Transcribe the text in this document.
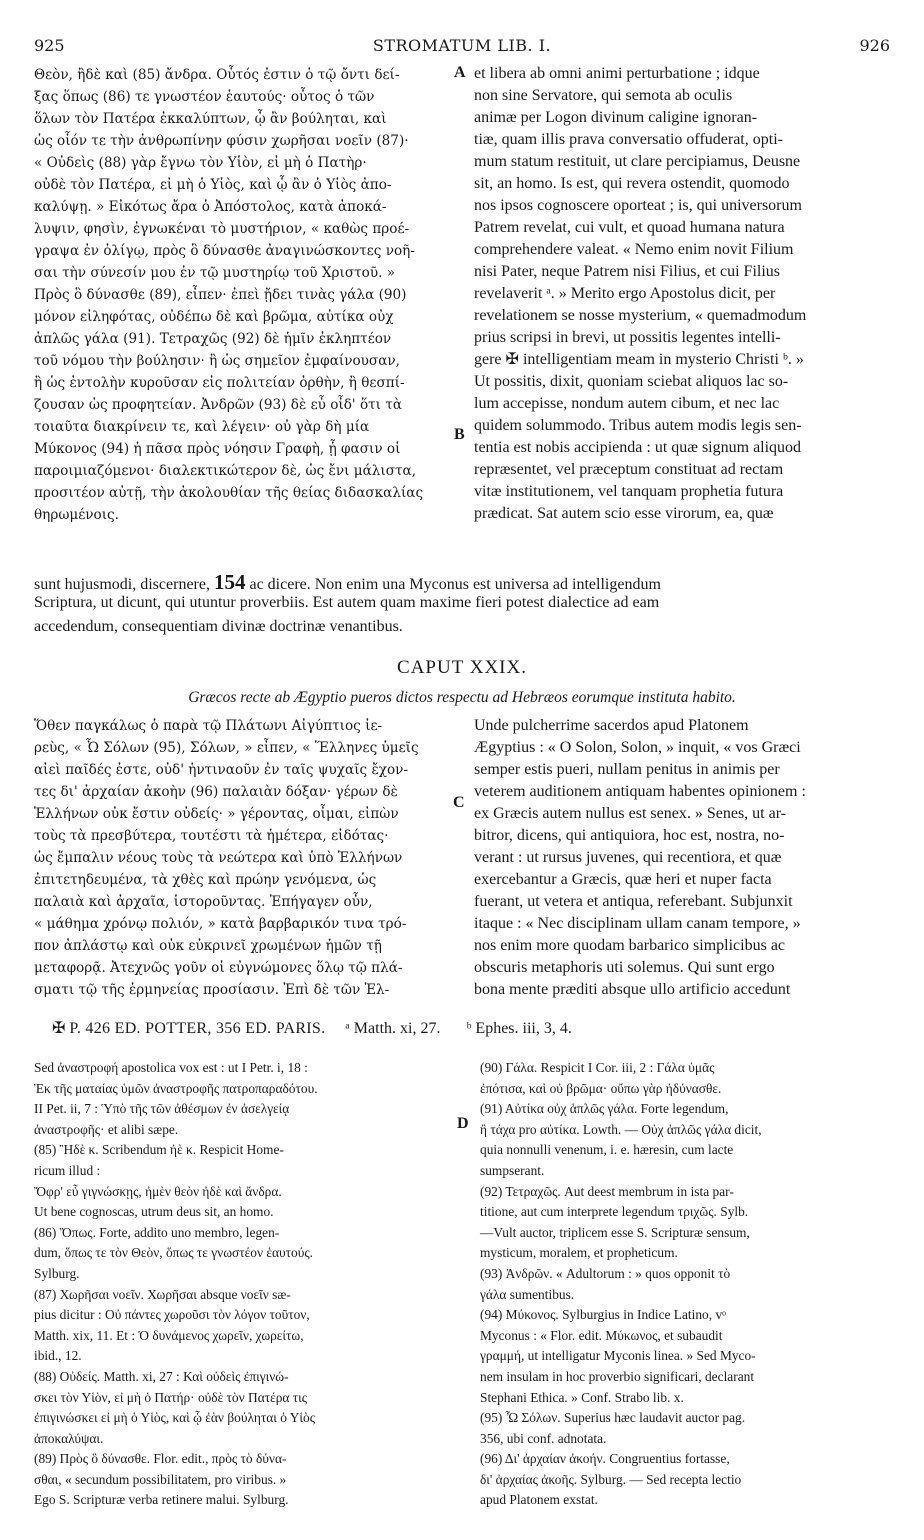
925	STROMATUM LIB. I.	926
Θεὸν, ἢδὲ καὶ (85) ἄνδρα. Οὗτός ἐστιν ὁ τῷ ὄντι δεί-
ξας ὅπως (86) τε γνωστέον ἑαυτούς· οὗτος ὁ τῶν
ὅλων τὸν Πατέρα ἐκκαλύπτων, ᾧ ἂν βούληται, καὶ
ὡς οἷόν τε τὴν ἀνθρωπίνην φύσιν χωρῆσαι νοεῖν (87)·
« Οὐδεὶς (88) γὰρ ἔγνω τὸν Υἱὸν, εἰ μὴ ὁ Πατὴρ·
οὐδὲ τὸν Πατέρα, εἰ μὴ ὁ Υἱὸς, καὶ ᾧ ἂν ὁ Υἱὸς ἀπο-
καλύψῃ. » Εἰκότως ἄρα ὁ Ἀπόστολος, κατὰ ἀποκά-
λυψιν, φησὶν, ἐγνωκέναι τὸ μυστήριον, « καθὼς προέ-
γραψα ἐν ὀλίγῳ, πρὸς ὃ δύνασθε ἀναγινώσκοντες νοῆ-
σαι τὴν σύνεσίν μου ἐν τῷ μυστηρίῳ τοῦ Χριστοῦ. »
Πρὸς ὃ δύνασθε (89), εἶπεν· ἐπεὶ ᾔδει τινὰς γάλα (90)
μόνον εἰληφότας, οὐδέπω δὲ καὶ βρῶμα, αὐτίκα οὐχ
ἁπλῶς γάλα (91). Τετραχῶς (92) δὲ ἡμῖν ἐκληπτέον
τοῦ νόμου τὴν βούλησιν· ἢ ὡς σημεῖον ἐμφαίνουσαν,
ἢ ὡς ἐντολὴν κυροῦσαν εἰς πολιτείαν ὀρθὴν, ἢ θεσπί-
ζουσαν ὡς προφητείαν. Ἀνδρῶν (93) δὲ εὖ οἶδ' ὅτι τὰ
τοιαῦτα διακρίνειν τε, καὶ λέγειν· οὐ γὰρ δὴ μία
Μύκονος (94) ἡ πᾶσα πρὸς νόησιν Γραφὴ, ᾗ φασιν οἱ
παροιμιαζόμενοι· διαλεκτικώτερον δὲ, ὡς ἔνι μάλιστα,
προσιτέον αὐτῇ, τὴν ἀκολουθίαν τῆς θείας διδασκαλίας
θηρωμένοις.
et libera ab omni animi perturbatione ; idque
non sine Servatore, qui semota ab oculis
animæ per Logon divinum caligine ignoran-
tiæ, quam illis prava conversatio offuderat, opti-
mum statum restituit, ut clare percipiamus, Deusne
sit, an homo. Is est, qui revera ostendit, quomodo
nos ipsos cognoscere oporteat ; is, qui universorum
Patrem revelat, cui vult, et quoad humana natura
comprehendere valeat. « Nemo enim novit Filium
nisi Pater, neque Patrem nisi Filius, et cui Filius
revelaverit ᵃ. » Merito ergo Apostolus dicit, per
revelationem se nosse mysterium, « quemadmodum
prius scripsi in brevi, ut possitis legentes intelli-
gere ✠ intelligentiam meam in mysterio Christi ᵇ. »
Ut possitis, dixit, quoniam sciebat aliquos lac so-
lum accepisse, nondum autem cibum, et nec lac
quidem solummodo. Tribus autem modis legis sen-
tentia est nobis accipienda : ut quæ signum aliquod
repræsentet, vel præceptum constituat ad rectam
vitæ institutionem, vel tanquam prophetia futura
prædicat. Sat autem scio esse virorum, ea, quæ
A
B
C
D
sunt hujusmodi, discernere, 154 ac dicere. Non enim una Myconus est universa ad intelligendum
Scriptura, ut dicunt, qui utuntur proverbiis. Est autem quam maxime fieri potest dialectice ad eam
accedendum, consequentiam divinæ doctrinæ venantibus.
CAPUT XXIX.
Græcos recte ab Ægyptio pueros dictos respectu ad Hebræos eorumque instituta habito.
Ὅθεν παγκάλως ὁ παρὰ τῷ Πλάτωνι Αἰγύπτιος ἱε-
ρεὺς, « Ὦ Σόλων (95), Σόλων, » εἶπεν, « Ἕλληνες ὑμεῖς
αἰεὶ παῖδές ἐστε, οὐδ' ἡντιναοῦν ἐν ταῖς ψυχαῖς ἔχον-
τες δι' ἀρχαίαν ἀκοὴν (96) παλαιὰν δόξαν· γέρων δὲ
Ἑλλήνων οὐκ ἔστιν οὐδείς· » γέροντας, οἶμαι, εἰπὼν
τοὺς τὰ πρεσβύτερα, τουτέστι τὰ ἡμέτερα, εἰδότας·
ὡς ἔμπαλιν νέους τοὺς τὰ νεώτερα καὶ ὑπὸ Ἑλλήνων
ἐπιτετηδευμένα, τὰ χθὲς καὶ πρώην γενόμενα, ὡς
παλαιὰ καὶ ἀρχαῖα, ἱστοροῦντας. Ἐπήγαγεν οὖν,
« μάθημα χρόνῳ πολιόν, » κατὰ βαρβαρικόν τινα τρό-
πον ἀπλάστῳ καὶ οὐκ εὐκρινεῖ χρωμένων ἡμῶν τῇ
μεταφορᾷ. Ἀτεχνῶς γοῦν οἱ εὐγνώμονες ὅλῳ τῷ πλά-
σματι τῷ τῆς ἑρμηνείας προσίασιν. Ἐπὶ δὲ τῶν Ἑλ-
Unde pulcherrime sacerdos apud Platonem
Ægyptius : « O Solon, Solon, » inquit, « vos Græci
semper estis pueri, nullam penitus in animis per
veterem auditionem antiquam habentes opinionem :
ex Græcis autem nullus est senex. » Senes, ut ar-
bitror, dicens, qui antiquiora, hoc est, nostra, no-
verant : ut rursus juvenes, qui recentiora, et quæ
exercebantur a Græcis, quæ heri et nuper facta
fuerant, ut vetera et antiqua, referebant. Subjunxit
itaque : « Nec disciplinam ullam canam tempore, »
nos enim more quodam barbarico simplicibus ac
obscuris metaphoris uti solemus. Qui sunt ergo
bona mente præditi absque ullo artificio accedunt
✠ P. 426 ED. POTTER, 356 ED. PARIS. ᵃ Matth. xi, 27. ᵇ Ephes. iii, 3, 4.
Sed ἀναστροφή apostolica vox est : ut I Petr. i, 18 :
Ἐκ τῆς ματαίας ὑμῶν ἀναστροφῆς πατροπαραδότου.
II Pet. ii, 7 : Ὑπὸ τῆς τῶν ἀθέσμων ἐν ἀσελγείᾳ
ἀναστροφῆς· et alibi sæpe.
(85) Ἢδὲ κ. Scribendum ἠὲ κ. Respicit Home-
ricum illud :
Ὄφρ' εὖ γιγνώσκῃς, ἠμὲν θεὸν ἠδὲ καὶ ἄνδρα.
Ut bene cognoscas, utrum deus sit, an homo.
(86) Ὅπως. Forte, addito uno membro, legen-
dum, ὅπως τε τὸν Θεὸν, ὅπως τε γνωστέον ἑαυτούς.
Sylburg.
(87) Χωρῆσαι νοεῖν. Χωρῆσαι absque νοεῖν sæ-
pius dicitur : Οὐ πάντες χωροῦσι τὸν λόγον τοῦτον,
Matth. xix, 11. Et : Ὁ δυνάμενος χωρεῖν, χωρείτω,
ibid., 12.
(88) Οὐδείς. Matth. xi, 27 : Καὶ οὐδεὶς ἐπιγινώ-
σκει τὸν Υἱὸν, εἰ μὴ ὁ Πατήρ· οὐδὲ τὸν Πατέρα τις
ἐπιγινώσκει εἰ μὴ ὁ Υἱὸς, καὶ ᾧ ἐὰν βούληται ὁ Υἱὸς
ἀποκαλύψαι.
(89) Πρὸς ὃ δύνασθε. Flor. edit., πρὸς τὸ δύνα-
σθαι, « secundum possibilitatem, pro viribus. »
Ego S. Scripturæ verba retinere malui. Sylburg.
(90) Γάλα. Respicit I Cor. iii, 2 : Γάλα ὑμᾶς
ἐπότισα, καὶ οὐ βρῶμα· οὔπω γὰρ ἠδύνασθε.
(91) Αὐτίκα οὐχ ἁπλῶς γάλα. Forte legendum,
ἢ τάχα pro αὐτίκα. Lowth. — Οὐχ ἁπλῶς γάλα dicit,
quia nonnulli venenum, i. e. hæresin, cum lacte
sumpserant.
(92) Τετραχῶς. Aut deest membrum in ista par-
titione, aut cum interprete legendum τριχῶς. Sylb.
—Vult auctor, triplicem esse S. Scripturæ sensum,
mysticum, moralem, et propheticum.
(93) Ἀνδρῶν. « Adultorum : » quos opponit τὸ
γάλα sumentibus.
(94) Μύκονος. Sylburgius in Indice Latino, vᵒ
Myconus : « Flor. edit. Μύκωνος, et subaudit
γραμμή, ut intelligatur Myconis linea. » Sed Myco-
nem insulam in hoc proverbio significari, declarant
Stephani Ethica. » Conf. Strabo lib. x.
(95) Ὦ Σόλων. Superius hæc laudavit auctor pag.
356, ubi conf. adnotata.
(96) Δι' ἀρχαίαν ἀκοήν. Congruentius fortasse,
δι' ἀρχαίας ἀκοῆς. Sylburg. — Sed recepta lectio
apud Platonem exstat.
